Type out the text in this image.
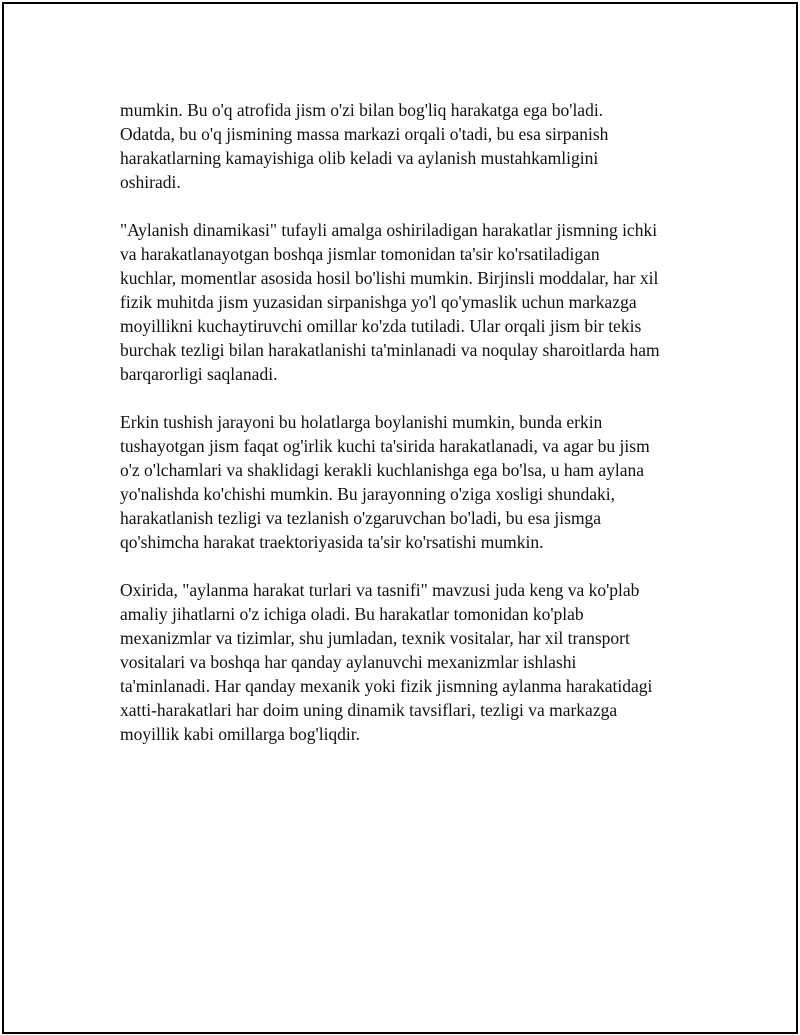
mumkin. Bu o'q atrofida jism o'zi bilan bog'liq harakatga ega bo'ladi.
Odatda, bu o'q jismining massa markazi orqali o'tadi, bu esa sirpanish
harakatlarning kamayishiga olib keladi va aylanish mustahkamligini
oshiradi.

"Aylanish dinamikasi" tufayli amalga oshiriladigan harakatlar jismning ichki
va harakatlanayotgan boshqa jismlar tomonidan ta'sir ko'rsatiladigan
kuchlar, momentlar asosida hosil bo'lishi mumkin. Birjinsli moddalar, har xil
fizik muhitda jism yuzasidan sirpanishga yo'l qo'ymaslik uchun markazga
moyillikni kuchaytiruvchi omillar ko'zda tutiladi. Ular orqali jism bir tekis
burchak tezligi bilan harakatlanishi ta'minlanadi va noqulay sharoitlarda ham
barqarorligi saqlanadi.

Erkin tushish jarayoni bu holatlarga boylanishi mumkin, bunda erkin
tushayotgan jism faqat og'irlik kuchi ta'sirida harakatlanadi, va agar bu jism
o'z o'lchamlari va shaklidagi kerakli kuchlanishga ega bo'lsa, u ham aylana
yo'nalishda ko'chishi mumkin. Bu jarayonning o'ziga xosligi shundaki,
harakatlanish tezligi va tezlanish o'zgaruvchan bo'ladi, bu esa jismga
qo'shimcha harakat traektoriyasida ta'sir ko'rsatishi mumkin.

Oxirida, "aylanma harakat turlari va tasnifi" mavzusi juda keng va ko'plab
amaliy jihatlarni o'z ichiga oladi. Bu harakatlar tomonidan ko'plab
mexanizmlar va tizimlar, shu jumladan, texnik vositalar, har xil transport
vositalari va boshqa har qanday aylanuvchi mexanizmlar ishlashi
ta'minlanadi. Har qanday mexanik yoki fizik jismning aylanma harakatidagi
xatti-harakatlari har doim uning dinamik tavsiflari, tezligi va markazga
moyillik kabi omillarga bog'liqdir.
